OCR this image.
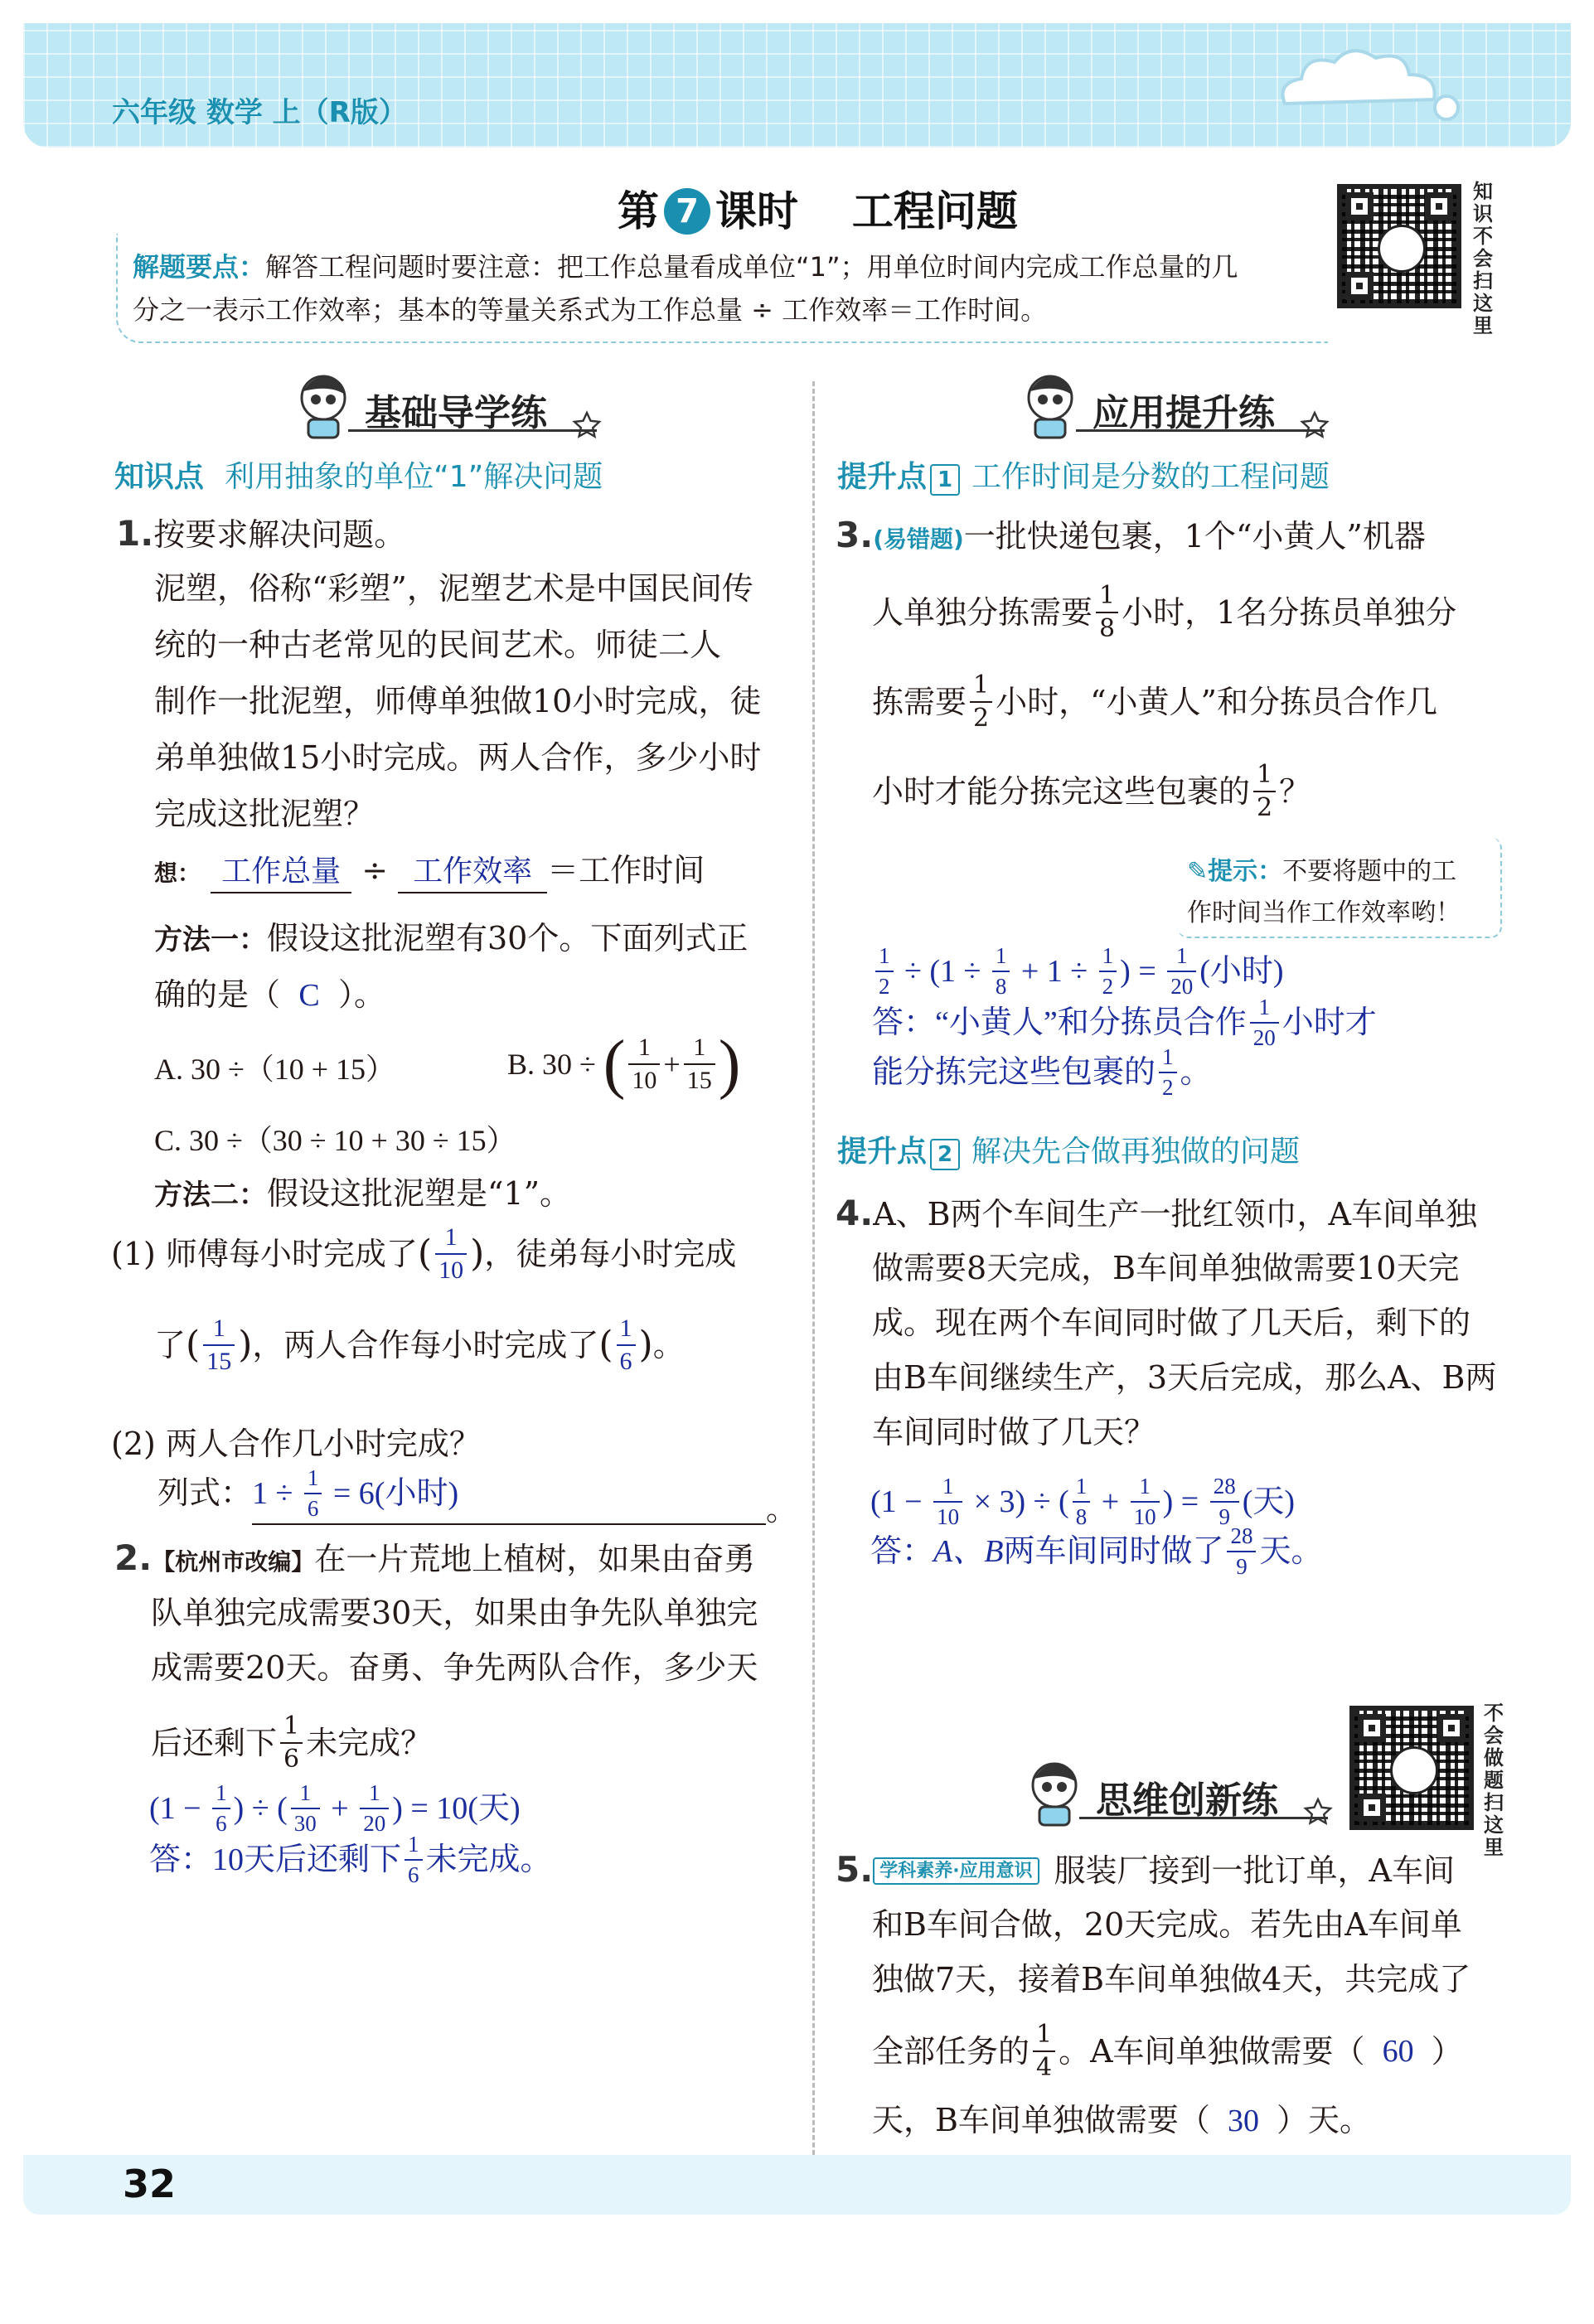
六年级 数学 上（R版）
第 7 课时 工程问题	知识不会扫这里
解题要点：解答工程问题时要注意：把工作总量看成单位“1”；用单位时间内完成工作总量的几
分之一表示工作效率；基本的等量关系式为工作总量 ÷ 工作效率＝工作时间。
基础导学练
知识点 利用抽象的单位“1”解决问题
1.按要求解决问题。
泥塑，俗称“彩塑”，泥塑艺术是中国民间传
统的一种古老常见的民间艺术。师徒二人
制作一批泥塑，师傅单独做10小时完成，徒
弟单独做15小时完成。两人合作，多少小时
完成这批泥塑？
想： 工作总量 ÷ 工作效率 ＝工作时间
方法一：假设这批泥塑有30个。下面列式正
确的是（ C ）。
A. 30 ÷（10 + 15）	B. 30 ÷ ( $\frac{1}{10} + \frac{1}{15}$ )
C. 30 ÷（30 ÷ 10 + 30 ÷ 15）
方法二：假设这批泥塑是“1”。
(1) 师傅每小时完成了( $\frac{1}{10}$ )，徒弟每小时完成
了( $\frac{1}{15}$ )，两人合作每小时完成了( $\frac{1}{6}$ )。
(2) 两人合作几小时完成？
列式：$1 \div \frac{1}{6} = 6$(小时)	。
2.【杭州市改编】在一片荒地上植树，如果由奋勇
队单独完成需要30天，如果由争先队单独完
成需要20天。奋勇、争先两队合作，多少天
后还剩下 $\frac{1}{6}$ 未完成？
($1 - \frac{1}{6}$ ) ÷ ( $\frac{1}{30} + \frac{1}{20}$ ) = 10(天)
答：10天后还剩下 $\frac{1}{6}$ 未完成。
应用提升练
提升点 1 工作时间是分数的工程问题
3.(易错题)一批快递包裹，1个“小黄人”机器
人单独分拣需要 $\frac{1}{8}$ 小时，1名分拣员单独分
拣需要 $\frac{1}{2}$ 小时，“小黄人”和分拣员合作几
小时才能分拣完这些包裹的 $\frac{1}{2}$ ？
✎提示：不要将题中的工
作时间当作工作效率哟！
$\frac{1}{2} \div (1 \div \frac{1}{8} + 1 \div \frac{1}{2}$ ) = $\frac{1}{20}$ (小时)
答：“小黄人”和分拣员合作 $\frac{1}{20}$ 小时才
能分拣完这些包裹的 $\frac{1}{2}$ 。
提升点 2 解决先合做再独做的问题
4.A、B两个车间生产一批红领巾，A车间单独
做需要8天完成，B车间单独做需要10天完
成。现在两个车间同时做了几天后，剩下的
由B车间继续生产，3天后完成，那么A、B两
车间同时做了几天？
$(1 - \frac{1}{10} \times 3)$ ÷ ( $\frac{1}{8} + \frac{1}{10}$ ) = $\frac{28}{9}$ (天)
答：A、B两车间同时做了 $\frac{28}{9}$ 天。
不会做题扫这里
思维创新练
5. 学科素养·应用意识 服装厂接到一批订单，A车间
和B车间合做，20天完成。若先由A车间单
独做7天，接着B车间单独做4天，共完成了
全部任务的 $\frac{1}{4}$ 。A车间单独做需要（ 60 ）
天，B车间单独做需要（ 30 ）天。
32
